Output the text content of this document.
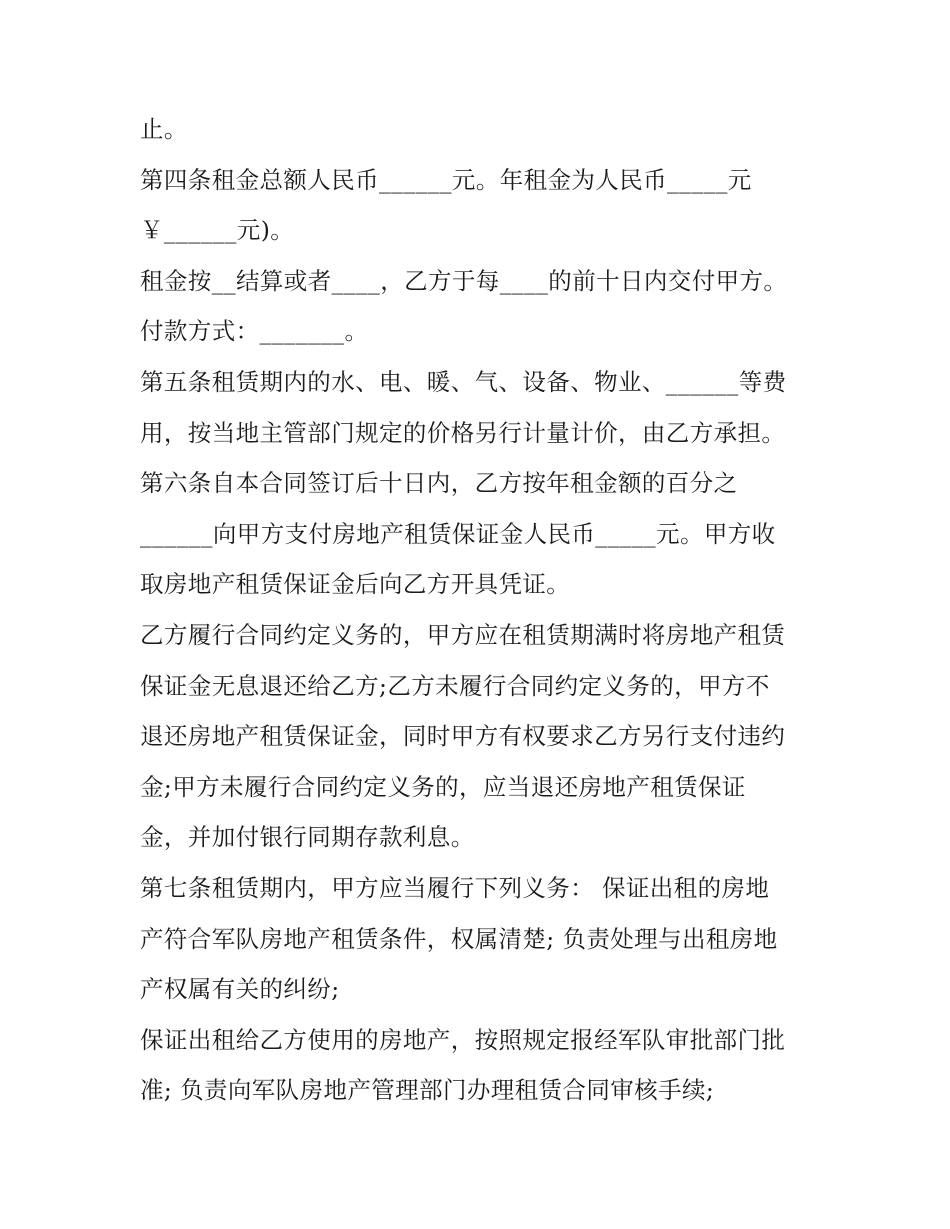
止。
第四条租金总额人民币______元。年租金为人民币_____元
￥______元)。
租金按__结算或者____，乙方于每____的前十日内交付甲方。
付款方式：_______。
第五条租赁期内的水、电、暖、气、设备、物业、______等费
用，按当地主管部门规定的价格另行计量计价，由乙方承担。
第六条自本合同签订后十日内，乙方按年租金额的百分之
______向甲方支付房地产租赁保证金人民币_____元。甲方收
取房地产租赁保证金后向乙方开具凭证。
乙方履行合同约定义务的，甲方应在租赁期满时将房地产租赁
保证金无息退还给乙方;乙方未履行合同约定义务的，甲方不
退还房地产租赁保证金，同时甲方有权要求乙方另行支付违约
金;甲方未履行合同约定义务的，应当退还房地产租赁保证
金，并加付银行同期存款利息。
第七条租赁期内，甲方应当履行下列义务： 保证出租的房地
产符合军队房地产租赁条件，权属清楚; 负责处理与出租房地
产权属有关的纠纷;
保证出租给乙方使用的房地产，按照规定报经军队审批部门批
准; 负责向军队房地产管理部门办理租赁合同审核手续;
